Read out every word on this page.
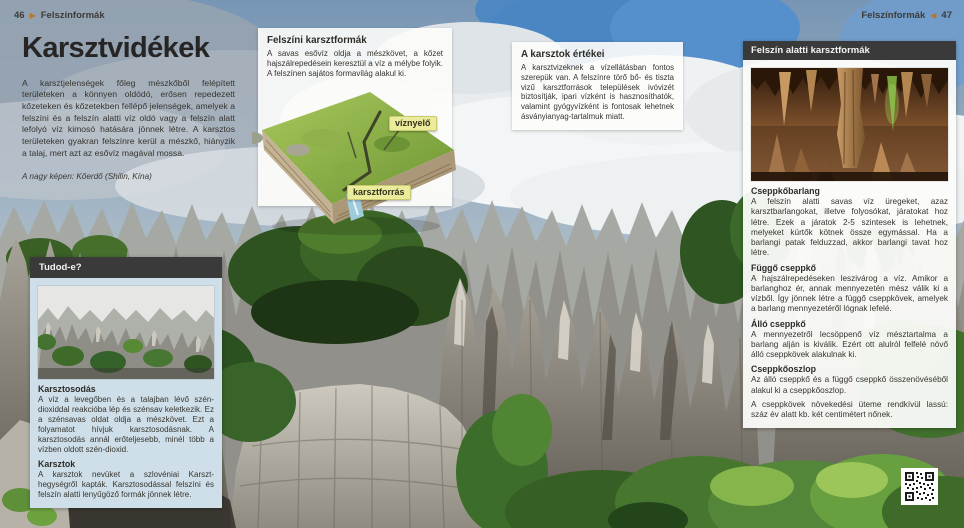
46 ▶ Felszínformák	Felszínformák ◀ 47
Karsztvidékek

A karsztjelenségek főleg mészkőből felépített területeken a könnyen oldódó, erősen repedezett kőzeteken és kőzetekben fellépő jelenségek, amelyek a felszíni és a felszín alatti víz oldó vagy a felszín alatt lefolyó víz kimosó hatására jönnek létre. A karsztos területeken gyakran felszínre kerül a mészkő, hiányzik a talaj, mert azt az esővíz magával mossa.

A nagy képen: Kőerdő (Shilin, Kína)

Felszíni karsztformák

A savas esővíz oldja a mészkövet, a kőzet hajszálrepedésein keresztül a víz a mélybe folyik. A felszínen sajátos formavilág alakul ki.

víznyelő
karsztforrás
A karsztok értékei

A karsztvizeknek a vízellátásban fontos szerepük van. A felszínre törő bő- és tiszta vizű karsztforrások települések ivóvizét biztosítják, ipari vízként is hasznosíthatók, valamint gyógyvízként is fontosak lehetnek ásványianyag-tartalmuk miatt.

Felszín alatti karsztformák
Cseppkőbarlang

A felszín alatti savas víz üregeket, azaz karsztbarlangokat, illetve folyosókat, járatokat hoz létre. Ezek a járatok 2-5 szintesek is lehetnek, melyeket kürtők kötnek össze egymással. Ha a barlangi patak felduzzad, akkor barlangi tavat hoz létre.

Függő cseppkő

A hajszálrepedéseken leszivárog a víz. Amikor a barlanghoz ér, annak mennyezetén mész válik ki a vízből. Így jönnek létre a függő cseppkövek, amelyek a barlang mennyezetéről lógnak lefelé.

Álló cseppkő

A mennyezetről lecsöppenő víz mésztartalma a barlang alján is kiválik. Ezért ott alulról felfelé növő álló cseppkövek alakulnak ki.

Cseppkőoszlop

Az álló cseppkő és a függő cseppkő összenövéséből alakul ki a cseppkőoszlop.

A cseppkövek növekedési üteme rendkívül lassú: száz év alatt kb. két centimétert nőnek.

Tudod-e?
Karsztosodás

A víz a levegőben és a talajban lévő szén-dioxiddal reakcióba lép és szénsav keletkezik. Ez a szénsavas oldat oldja a mészkövet. Ezt a folyamatot hívjuk karsztosodásnak. A karsztosodás annál erőteljesebb, minél több a vízben oldott szén-dioxid.

Karsztok

A karsztok nevüket a szlovéniai Karszt-hegységről kapták. Karsztosodással felszíni és felszín alatti lenyűgöző formák jönnek létre.
